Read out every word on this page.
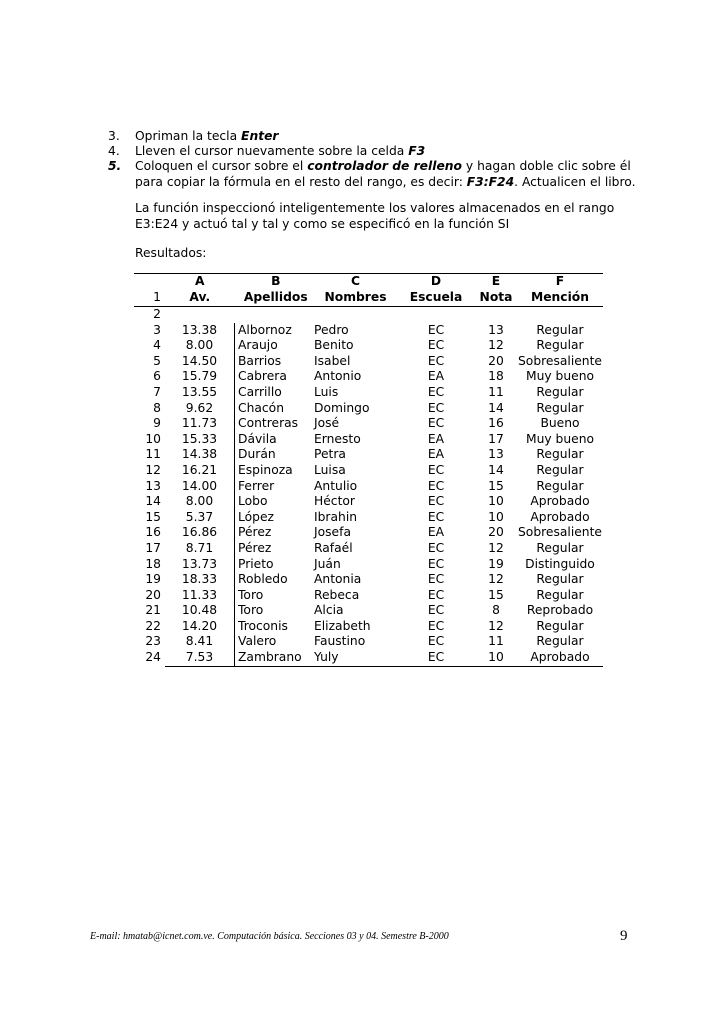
3. Opriman la tecla Enter
4. Lleven el cursor nuevamente sobre la celda F3
5. Coloquen el cursor sobre el controlador de relleno y hagan doble clic sobre él
para copiar la fórmula en el resto del rango, es decir: F3:F24. Actualicen el libro.
La función inspeccionó inteligentemente los valores almacenados en el rango
E3:E24 y actuó tal y tal y como se especificó en la función SI
Resultados:
	A	B	C	D	E	F
1	Av.	Apellidos	Nombres	Escuela	Nota	Mención
2						
3	13.38	Albornoz	Pedro	EC	13	Regular
4	8.00	Araujo	Benito	EC	12	Regular
5	14.50	Barrios	Isabel	EC	20	Sobresaliente
6	15.79	Cabrera	Antonio	EA	18	Muy bueno
7	13.55	Carrillo	Luis	EC	11	Regular
8	9.62	Chacón	Domingo	EC	14	Regular
9	11.73	Contreras	José	EC	16	Bueno
10	15.33	Dávila	Ernesto	EA	17	Muy bueno
11	14.38	Durán	Petra	EA	13	Regular
12	16.21	Espinoza	Luisa	EC	14	Regular
13	14.00	Ferrer	Antulio	EC	15	Regular
14	8.00	Lobo	Héctor	EC	10	Aprobado
15	5.37	López	Ibrahin	EC	10	Aprobado
16	16.86	Pérez	Josefa	EA	20	Sobresaliente
17	8.71	Pérez	Rafaél	EC	12	Regular
18	13.73	Prieto	Juán	EC	19	Distinguido
19	18.33	Robledo	Antonia	EC	12	Regular
20	11.33	Toro	Rebeca	EC	15	Regular
21	10.48	Toro	Alcia	EC	8	Reprobado
22	14.20	Troconis	Elizabeth	EC	12	Regular
23	8.41	Valero	Faustino	EC	11	Regular
24	7.53	Zambrano	Yuly	EC	10	Aprobado
E-mail: hmatab@icnet.com.ve. Computación básica. Secciones 03 y 04. Semestre B-2000	9
